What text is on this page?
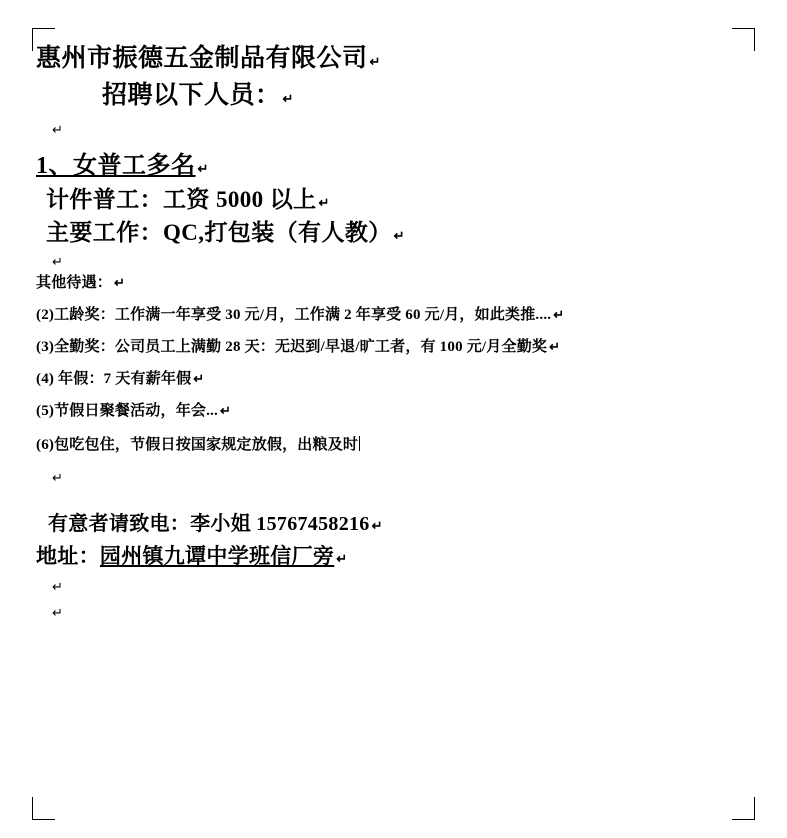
惠州市振德五金制品有限公司 ↵
招聘以下人员： ↵
↵
1、女普工多名 ↵
计件普工：工资 5000 以上 ↵
主要工作：QC,打包装（有人教） ↵
↵
其他待遇： ↵
(2)工龄奖：工作满一年享受 30 元/月，工作满 2 年享受 60 元/月，如此类推.... ↵
(3)全勤奖：公司员工上满勤 28 天：无迟到/早退/旷工者，有 100 元/月全勤奖 ↵
(4) 年假：7 天有薪年假 ↵
(5)节假日聚餐活动，年会... ↵
(6)包吃包住，节假日按国家规定放假，出粮及时
↵
有意者请致电：李小姐 15767458216 ↵
地址：园州镇九谭中学班信厂旁 ↵
↵
↵
